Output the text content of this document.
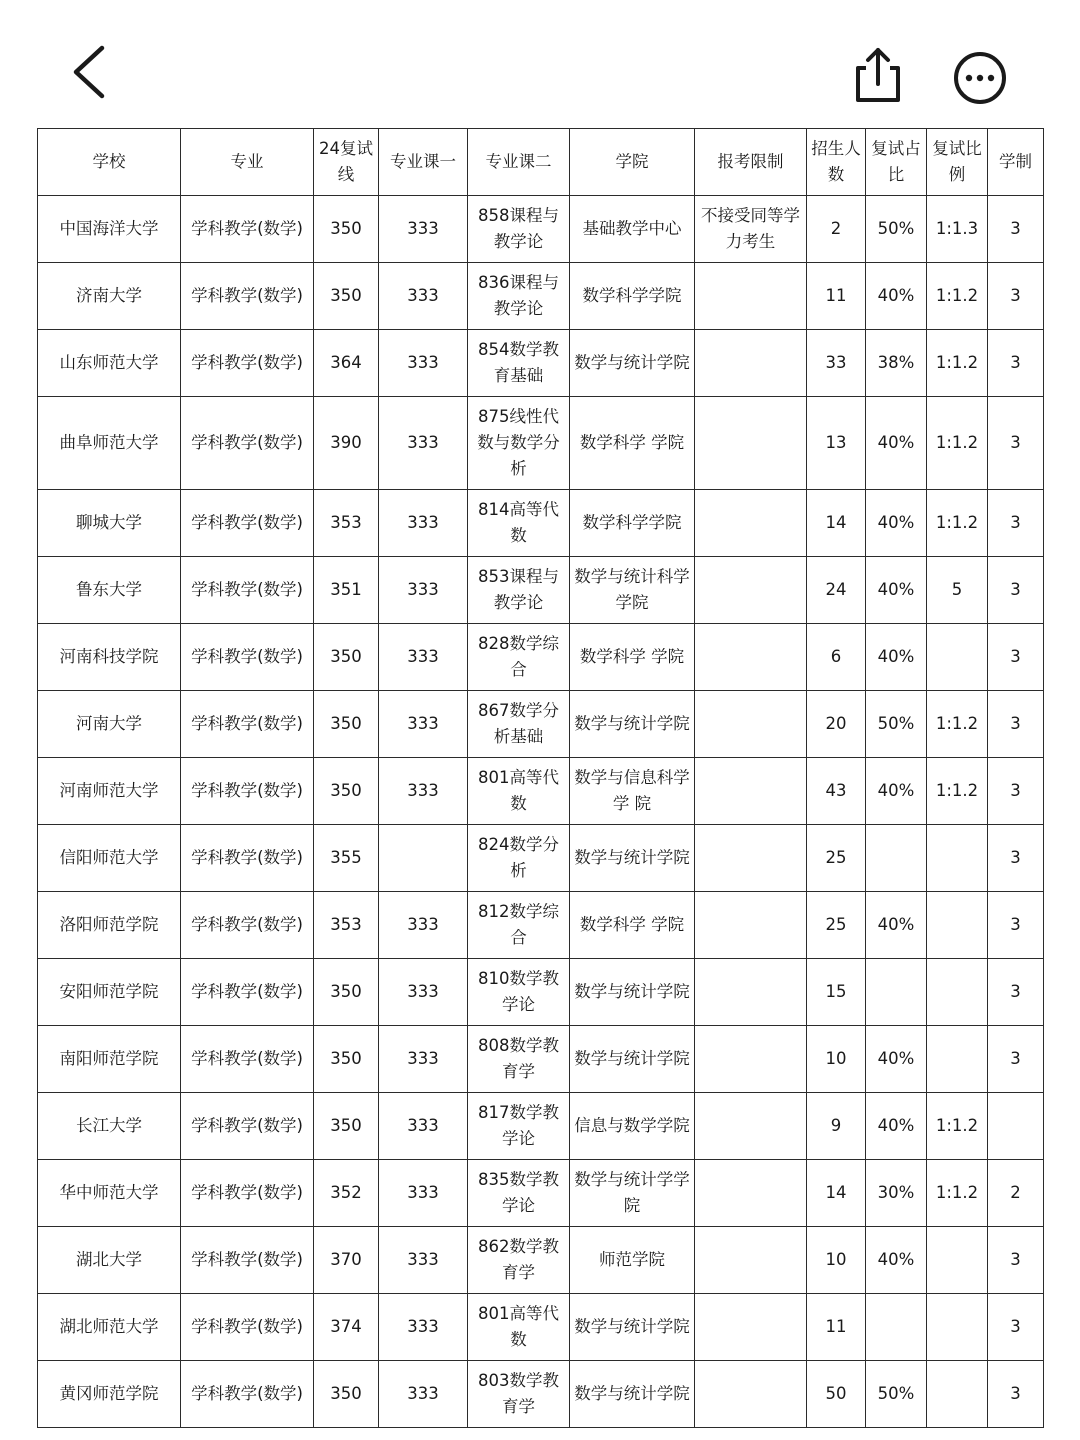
学校	专业	24复试线	专业课一	专业课二	学院	报考限制	招生人数	复试占比	复试比例	学制
中国海洋大学	学科教学(数学)	350	333	858课程与教学论	基础教学中心	不接受同等学力考生	2	50%	1:1.3	3
济南大学	学科教学(数学)	350	333	836课程与教学论	数学科学学院		11	40%	1:1.2	3
山东师范大学	学科教学(数学)	364	333	854数学教育基础	数学与统计学院		33	38%	1:1.2	3
曲阜师范大学	学科教学(数学)	390	333	875线性代数与数学分析	数学科学 学院		13	40%	1:1.2	3
聊城大学	学科教学(数学)	353	333	814高等代数	数学科学学院		14	40%	1:1.2	3
鲁东大学	学科教学(数学)	351	333	853课程与教学论	数学与统计科学学院		24	40%	5	3
河南科技学院	学科教学(数学)	350	333	828数学综合	数学科学 学院		6	40%		3
河南大学	学科教学(数学)	350	333	867数学分析基础	数学与统计学院		20	50%	1:1.2	3
河南师范大学	学科教学(数学)	350	333	801高等代数	数学与信息科学学 院		43	40%	1:1.2	3
信阳师范大学	学科教学(数学)	355		824数学分析	数学与统计学院		25			3
洛阳师范学院	学科教学(数学)	353	333	812数学综合	数学科学 学院		25	40%		3
安阳师范学院	学科教学(数学)	350	333	810数学教学论	数学与统计学院		15			3
南阳师范学院	学科教学(数学)	350	333	808数学教育学	数学与统计学院		10	40%		3
长江大学	学科教学(数学)	350	333	817数学教学论	信息与数学学院		9	40%	1:1.2	
华中师范大学	学科教学(数学)	352	333	835数学教学论	数学与统计学学院		14	30%	1:1.2	2
湖北大学	学科教学(数学)	370	333	862数学教育学	师范学院		10	40%		3
湖北师范大学	学科教学(数学)	374	333	801高等代数	数学与统计学院		11			3
黄冈师范学院	学科教学(数学)	350	333	803数学教育学	数学与统计学院		50	50%		3
